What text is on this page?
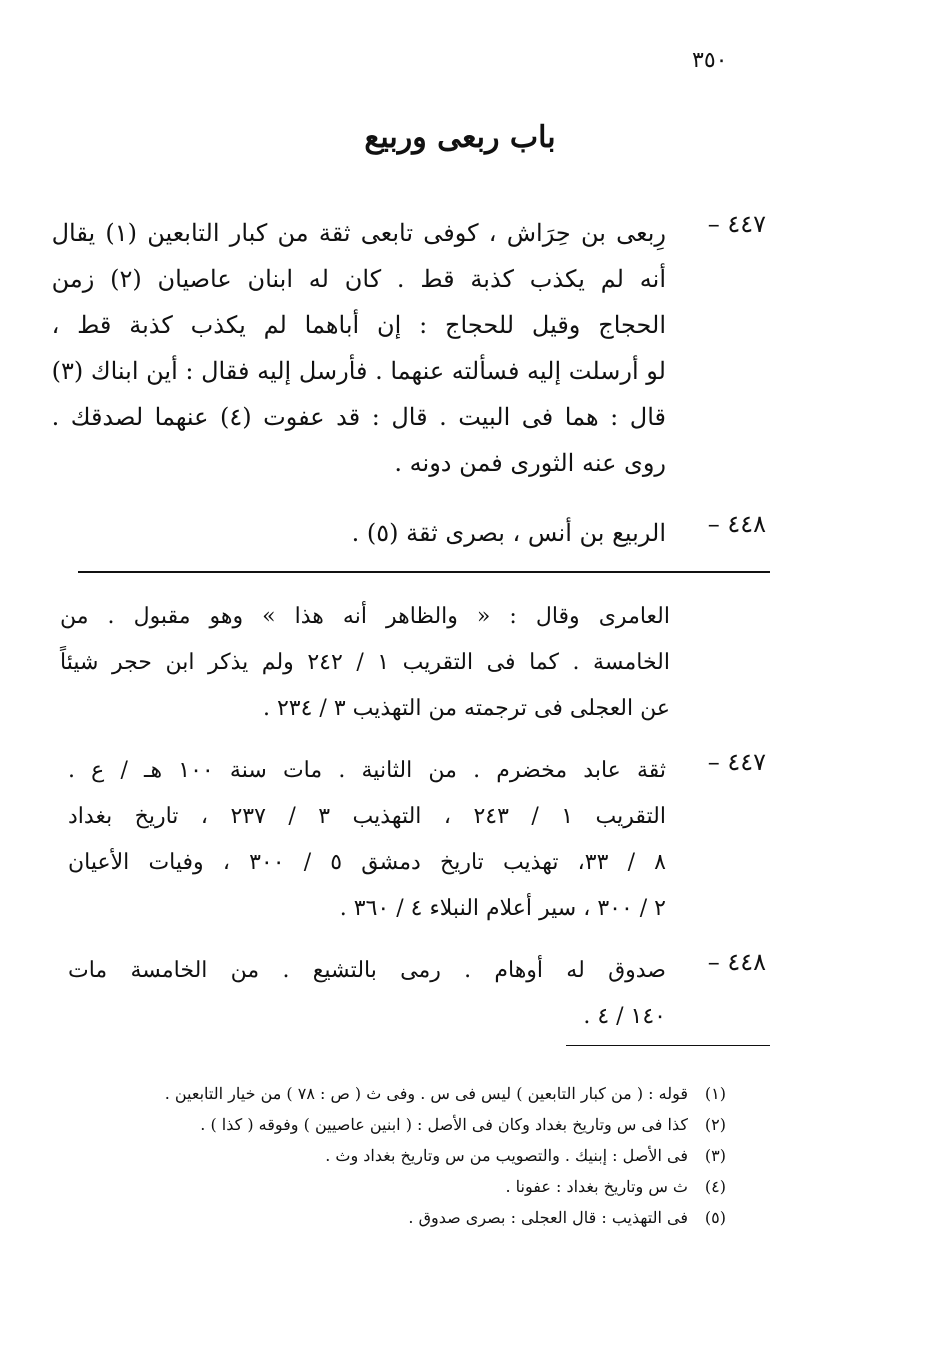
٣٥٠
باب ربعى وربيع
٤٤٧ –
رِبعى بن حِرَاش ، كوفى تابعى ثقة من كبار التابعين (١) يقال
أنه لم يكذب كذبة قط . كان له ابنان عاصيان (٢) زمن
الحجاج وقيل للحجاج : إن أباهما لم يكذب كذبة قط ،
لو أرسلت إليه فسألته عنهما . فأرسل إليه فقال : أين ابناك (٣)
قال : هما فى البيت . قال : قد عفوت (٤) عنهما لصدقك .
روى عنه الثورى فمن دونه .
٤٤٨ –
الربيع بن أنس ، بصرى ثقة (٥) .
العامرى وقال : « والظاهر أنه هذا » وهو مقبول . من
الخامسة . كما فى التقريب ١ / ٢٤٢ ولم يذكر ابن حجر شيئاً
عن العجلى فى ترجمته من التهذيب ٣ / ٢٣٤ .
٤٤٧ –
ثقة عابد مخضرم . من الثانية . مات سنة ١٠٠ هـ / ع .
التقريب ١ / ٢٤٣ ، التهذيب ٣ / ٢٣٧ ، تاريخ بغداد
٨ / ٣٣، تهذيب تاريخ دمشق ٥ / ٣٠٠ ، وفيات الأعيان
٢ / ٣٠٠ ، سير أعلام النبلاء ٤ / ٣٦٠ .
٤٤٨ –
صدوق له أوهام . رمى بالتشيع . من الخامسة مات
١٤٠ / ٤ .
(١)
قوله : ( من كبار التابعين ) ليس فى س . وفى ث ( ص : ٧٨ ) من خيار التابعين .
(٢)
كذا فى س وتاريخ بغداد وكان فى الأصل : ( ابنين عاصيين ) وفوقه ( كذا ) .
(٣)
فى الأصل : إبنيك . والتصويب من س وتاريخ بغداد وث .
(٤)
ث س وتاريخ بغداد : عفونا .
(٥)
فى التهذيب : قال العجلى : بصرى صدوق .
